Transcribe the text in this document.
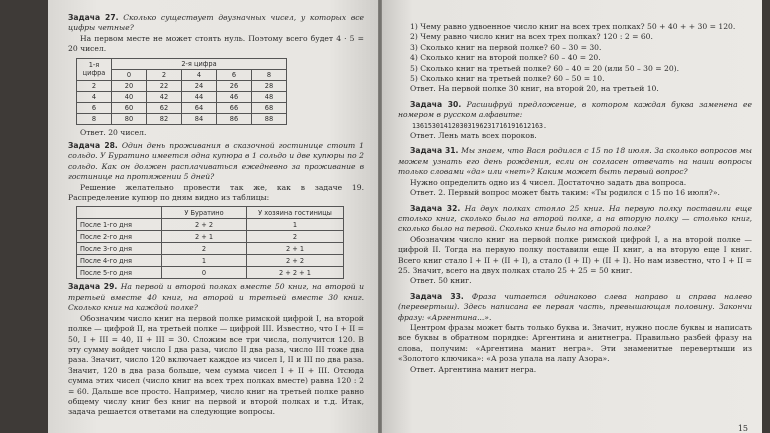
Задача 27. Сколько существует двузначных чисел, у которых все цифры четные?

На первом месте не может стоять нуль. Поэтому всего будет 4 · 5 = 20 чисел.

1-я цифра	2-я цифра				
	0	2	4	6	8
2	20	22	24	26	28
4	40	42	44	46	48
6	60	62	64	66	68
8	80	82	84	86	88

Ответ. 20 чисел.

Задача 28. Один день проживания в сказочной гостинице стоит 1 сольдо. У Буратино имеется одна купюра в 1 сольдо и две купюры по 2 сольдо. Как он должен расплачиваться ежедневно за проживание в гостинице на протяжении 5 дней?

Решение желательно провести так же, как в задаче 19. Распределение купюр по дням видно из таблицы:

	У Буратино	У хозяина гостиницы
После 1-го дня	2 + 2	1
После 2-го дня	2 + 1	2
После 3-го дня	2	2 + 1
После 4-го дня	1	2 + 2
После 5-го дня	0	2 + 2 + 1

Задача 29. На первой и второй полках вместе 50 книг, на второй и третьей вместе 40 книг, на второй и третьей вместе 30 книг. Сколько книг на каждой полке?

Обозначим число книг на первой полке римской цифрой I, на второй полке — цифрой II, на третьей полке — цифрой III. Известно, что I + II = 50, I + III = 40, II + III = 30. Сложим все три числа, получится 120. В эту сумму войдет число I два раза, число II два раза, число III тоже два раза. Значит, число 120 включает каждое из чисел I, II и III по два раза. Значит, 120 в два раза больше, чем сумма чисел I + II + III. Отсюда сумма этих чисел (число книг на всех трех полках вместе) равна 120 : 2 = 60. Дальше все просто. Например, число книг на третьей полке равно общему числу книг без книг на первой и второй полках и т.д. Итак, задача решается ответами на следующие вопросы.

1) Чему равно удвоенное число книг на всех трех полках? 50 + 40 + + 30 = 120.

2) Чему равно число книг на всех трех полках? 120 : 2 = 60.

3) Сколько книг на первой полке? 60 – 30 = 30.

4) Сколько книг на второй полке? 60 – 40 = 20.

5) Сколько книг на третьей полке? 60 – 40 = 20 (или 50 – 30 = 20).

5) Сколько книг на третьей полке? 60 – 50 = 10.

Ответ. На первой полке 30 книг, на второй 20, на третьей 10.

Задача 30. Расшифруй предложение, в котором каждая буква заменена ее номером в русском алфавите:

136153014120303196231716191612163.

Ответ. Лень мать всех пороков.

Задача 31. Мы знаем, что Вася родился с 15 по 18 июля. За сколько вопросов мы можем узнать его день рождения, если он согласен отвечать на наши вопросы только словами «да» или «нет»? Каким может быть первый вопрос?

Нужно определить одно из 4 чисел. Достаточно задать два вопроса.

Ответ. 2. Первый вопрос может быть таким: «Ты родился с 15 по 16 июля?».

Задача 32. На двух полках стояло 25 книг. На первую полку поставили еще столько книг, сколько было на второй полке, а на вторую полку — столько книг, сколько было на первой. Сколько книг было на второй полке?

Обозначим число книг на первой полке римской цифрой I, а на второй полке — цифрой II. Тогда на первую полку поставили еще II книг, а на вторую еще I книг. Всего книг стало I + II + (II + I), а стало (I + II) + (II + I). Но нам известно, что I + II = 25. Значит, всего на двух полках стало 25 + 25 = 50 книг.

Ответ. 50 книг.

Задача 33. Фраза читается одинаково слева направо и справа налево (перевертыш). Здесь написана ее первая часть, превышающая половину. Закончи фразу: «Аргентина...».

Центром фразы может быть только буква и. Значит, нужно после буквы и написать все буквы в обратном порядке: Аргентина и анитнегра. Правильно разбей фразу на слова, получим: «Аргентина манит негра». Эти знаменитые перевертыши из «Золотого ключика»: «А роза упала на лапу Азора».

Ответ. Аргентина манит негра.

15
